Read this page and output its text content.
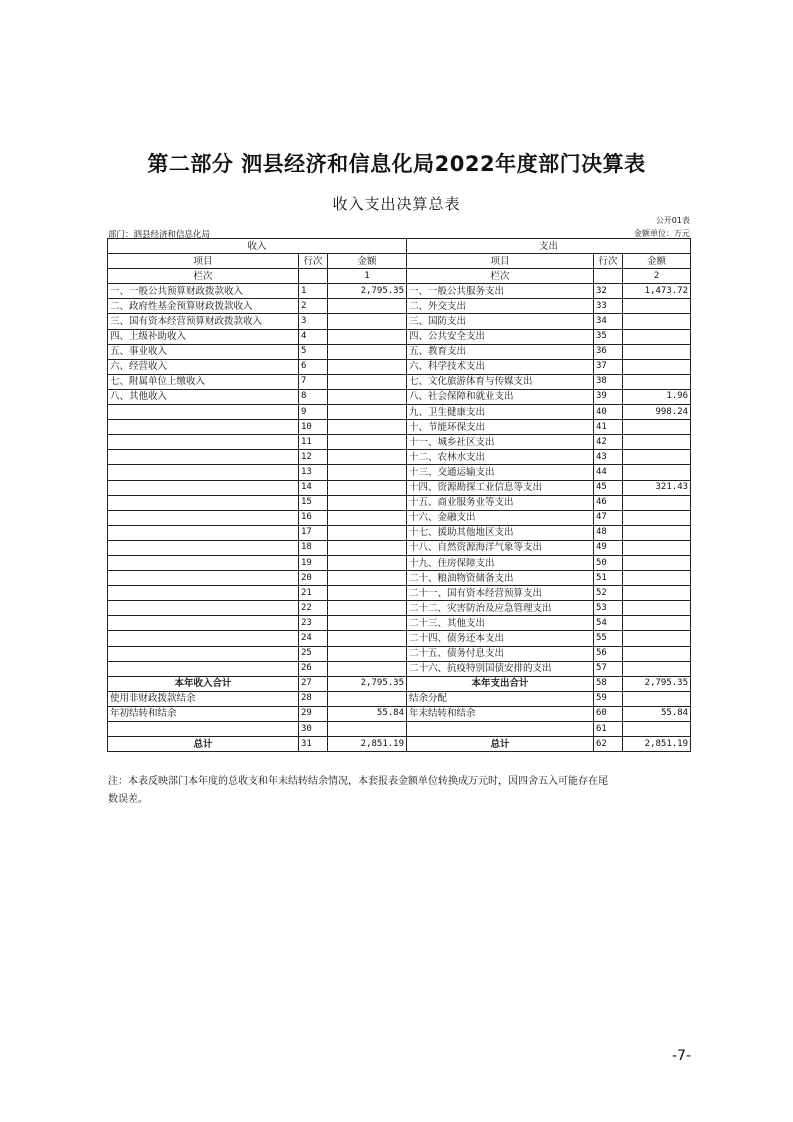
第二部分 泗县经济和信息化局2022年度部门决算表
收入支出决算总表
公开01表
部门：泗县经济和信息化局	金额单位：万元
收入			支出		
项目	行次	金额	项目	行次	金额
栏次		1	栏次		2
一、一般公共预算财政拨款收入	1	2,795.35	一、一般公共服务支出	32	1,473.72
二、政府性基金预算财政拨款收入	2		二、外交支出	33	
三、国有资本经营预算财政拨款收入	3		三、国防支出	34	
四、上级补助收入	4		四、公共安全支出	35	
五、事业收入	5		五、教育支出	36	
六、经营收入	6		六、科学技术支出	37	
七、附属单位上缴收入	7		七、文化旅游体育与传媒支出	38	
八、其他收入	8		八、社会保障和就业支出	39	1.96
	9		九、卫生健康支出	40	998.24
	10		十、节能环保支出	41	
	11		十一、城乡社区支出	42	
	12		十二、农林水支出	43	
	13		十三、交通运输支出	44	
	14		十四、资源勘探工业信息等支出	45	321.43
	15		十五、商业服务业等支出	46	
	16		十六、金融支出	47	
	17		十七、援助其他地区支出	48	
	18		十八、自然资源海洋气象等支出	49	
	19		十九、住房保障支出	50	
	20		二十、粮油物资储备支出	51	
	21		二十一、国有资本经营预算支出	52	
	22		二十二、灾害防治及应急管理支出	53	
	23		二十三、其他支出	54	
	24		二十四、债务还本支出	55	
	25		二十五、债务付息支出	56	
	26		二十六、抗疫特别国债安排的支出	57	
本年收入合计	27	2,795.35	本年支出合计	58	2,795.35
使用非财政拨款结余	28		结余分配	59	
年初结转和结余	29	55.84	年末结转和结余	60	55.84
	30			61	
总计	31	2,851.19	总计	62	2,851.19
注：本表反映部门本年度的总收支和年末结转结余情况，本套报表金额单位转换成万元时，因四舍五入可能存在尾
数误差。
-7-
